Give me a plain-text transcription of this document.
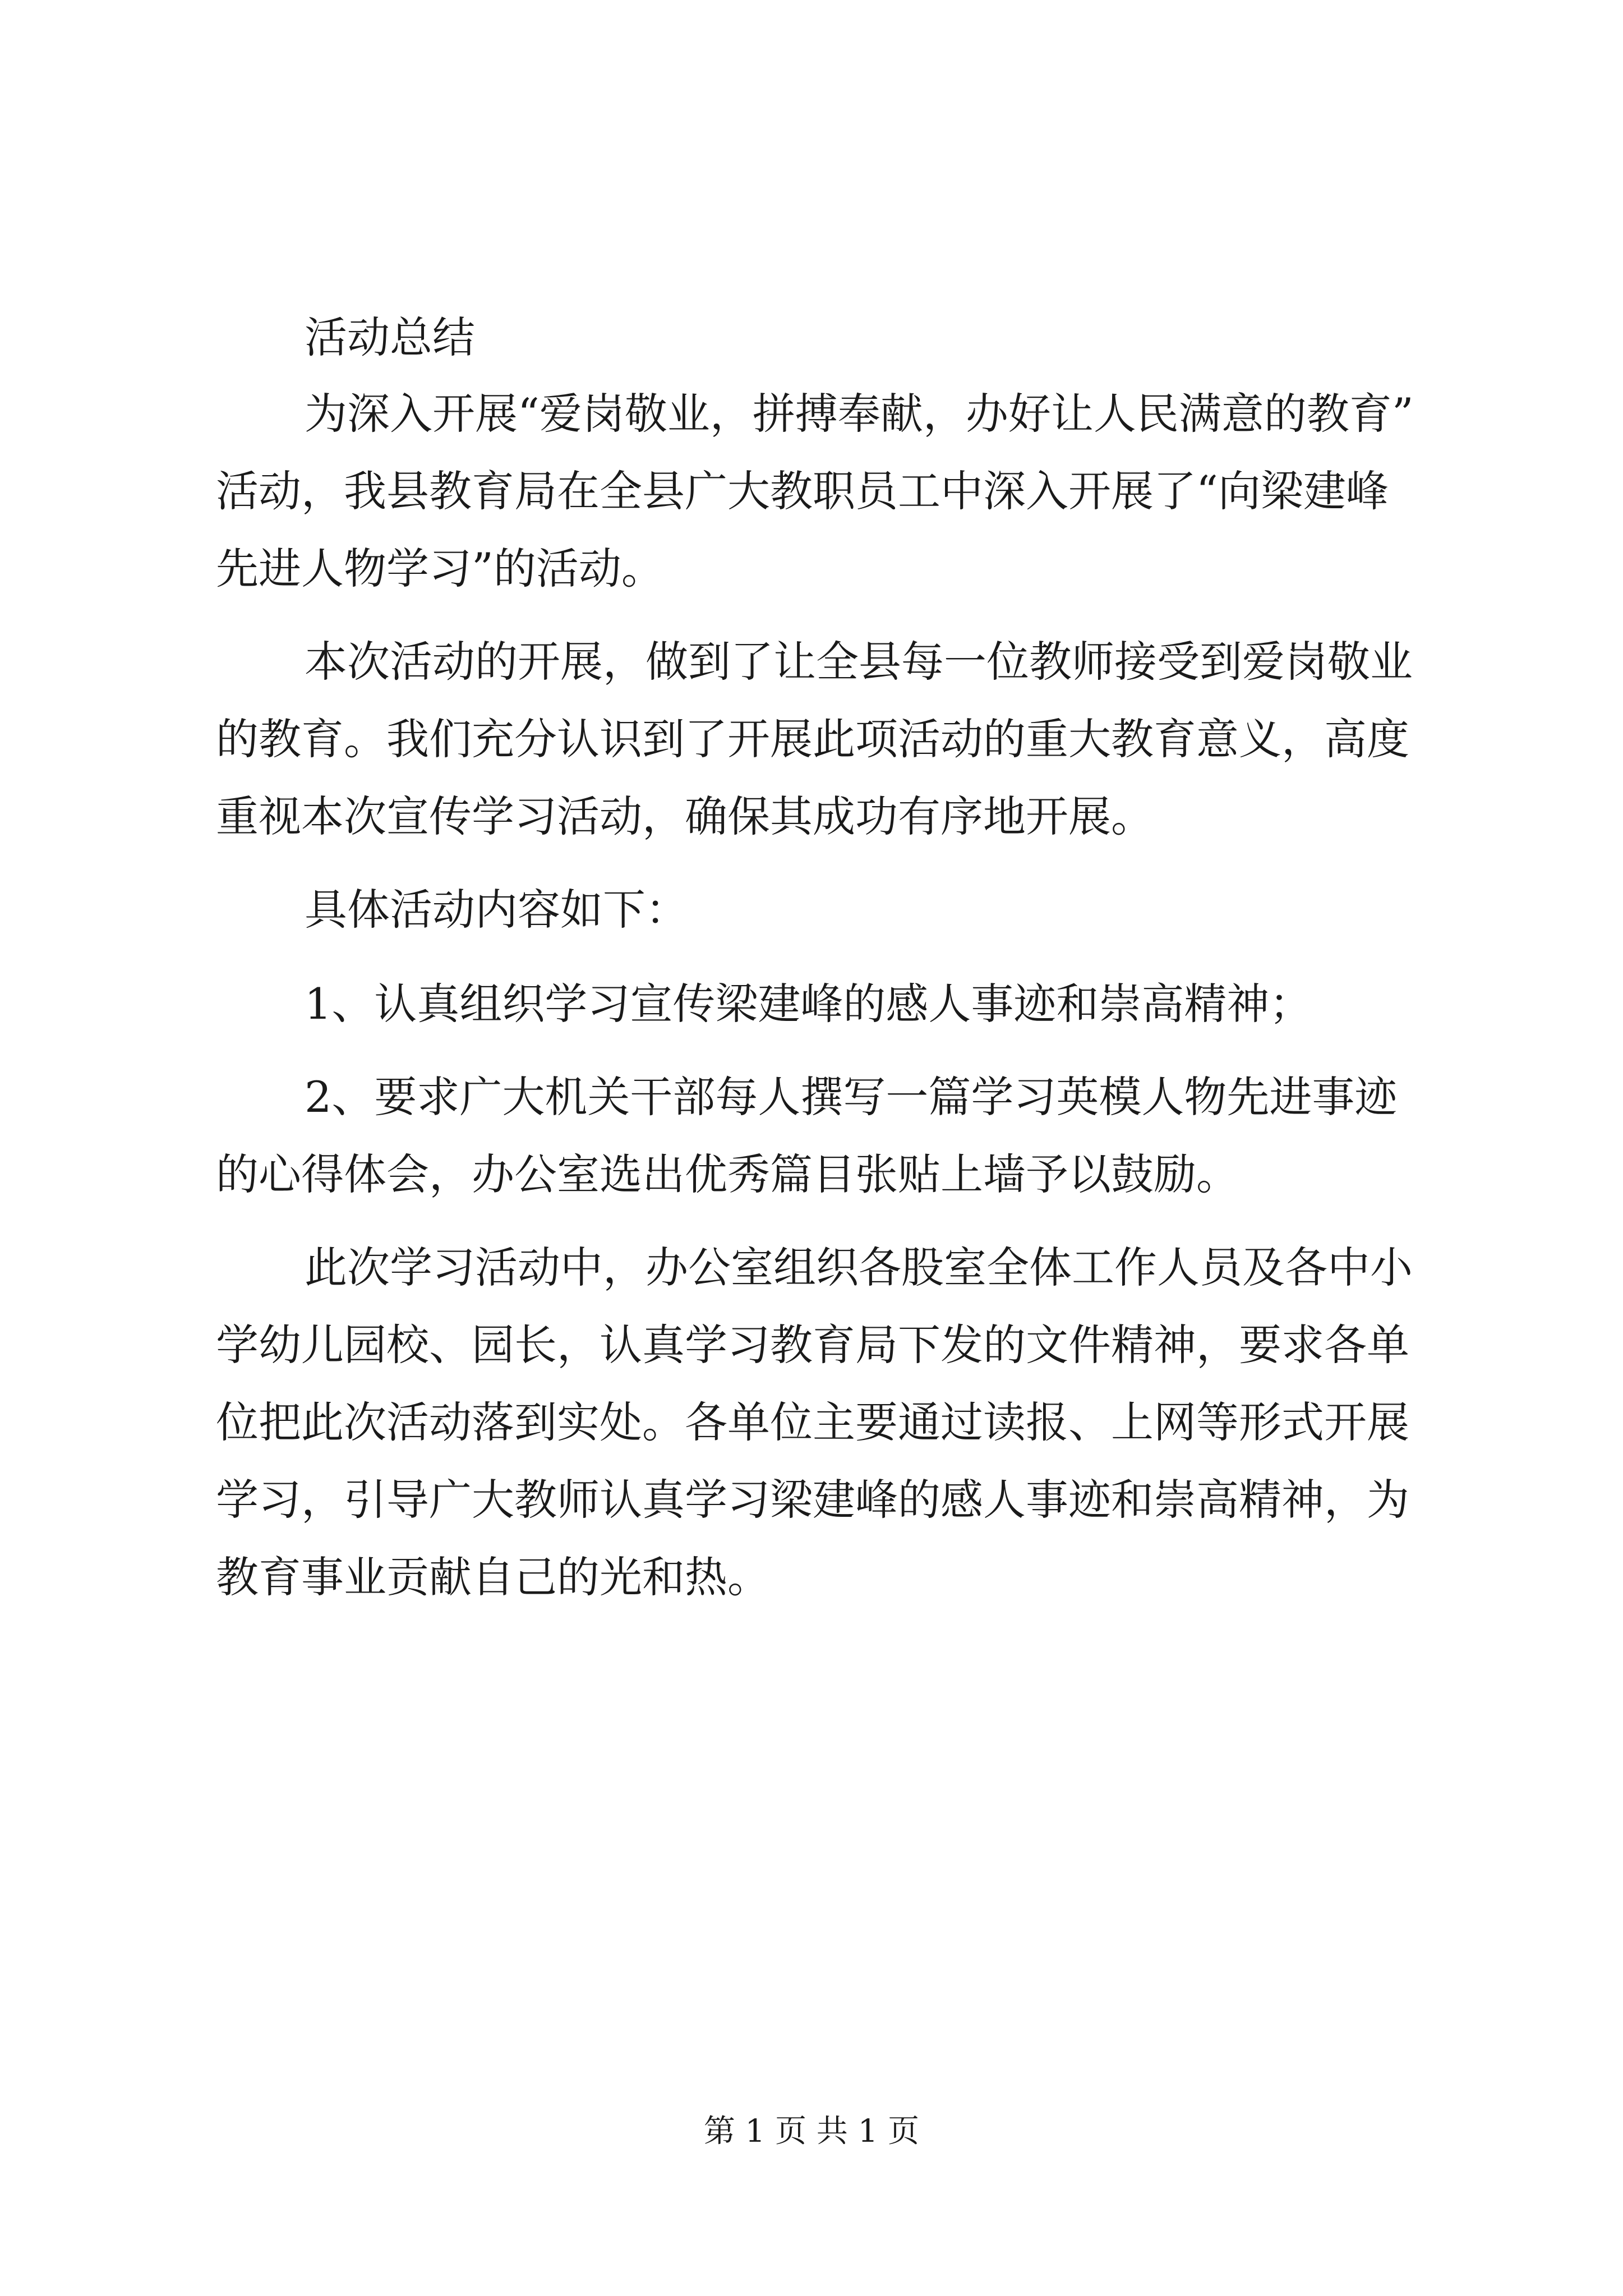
活动总结

为深入开展“爱岗敬业，拼搏奉献，办好让人民满意的教育”

活动，我县教育局在全县广大教职员工中深入开展了“向梁建峰

先进人物学习”的活动。

本次活动的开展，做到了让全县每一位教师接受到爱岗敬业

的教育。我们充分认识到了开展此项活动的重大教育意义，高度

重视本次宣传学习活动，确保其成功有序地开展。

具体活动内容如下：

1、认真组织学习宣传梁建峰的感人事迹和崇高精神；

2、要求广大机关干部每人撰写一篇学习英模人物先进事迹

的心得体会，办公室选出优秀篇目张贴上墙予以鼓励。

此次学习活动中，办公室组织各股室全体工作人员及各中小

学幼儿园校、园长，认真学习教育局下发的文件精神，要求各单

位把此次活动落到实处。各单位主要通过读报、上网等形式开展

学习，引导广大教师认真学习梁建峰的感人事迹和崇高精神，为

教育事业贡献自己的光和热。

第 1 页 共 1 页
